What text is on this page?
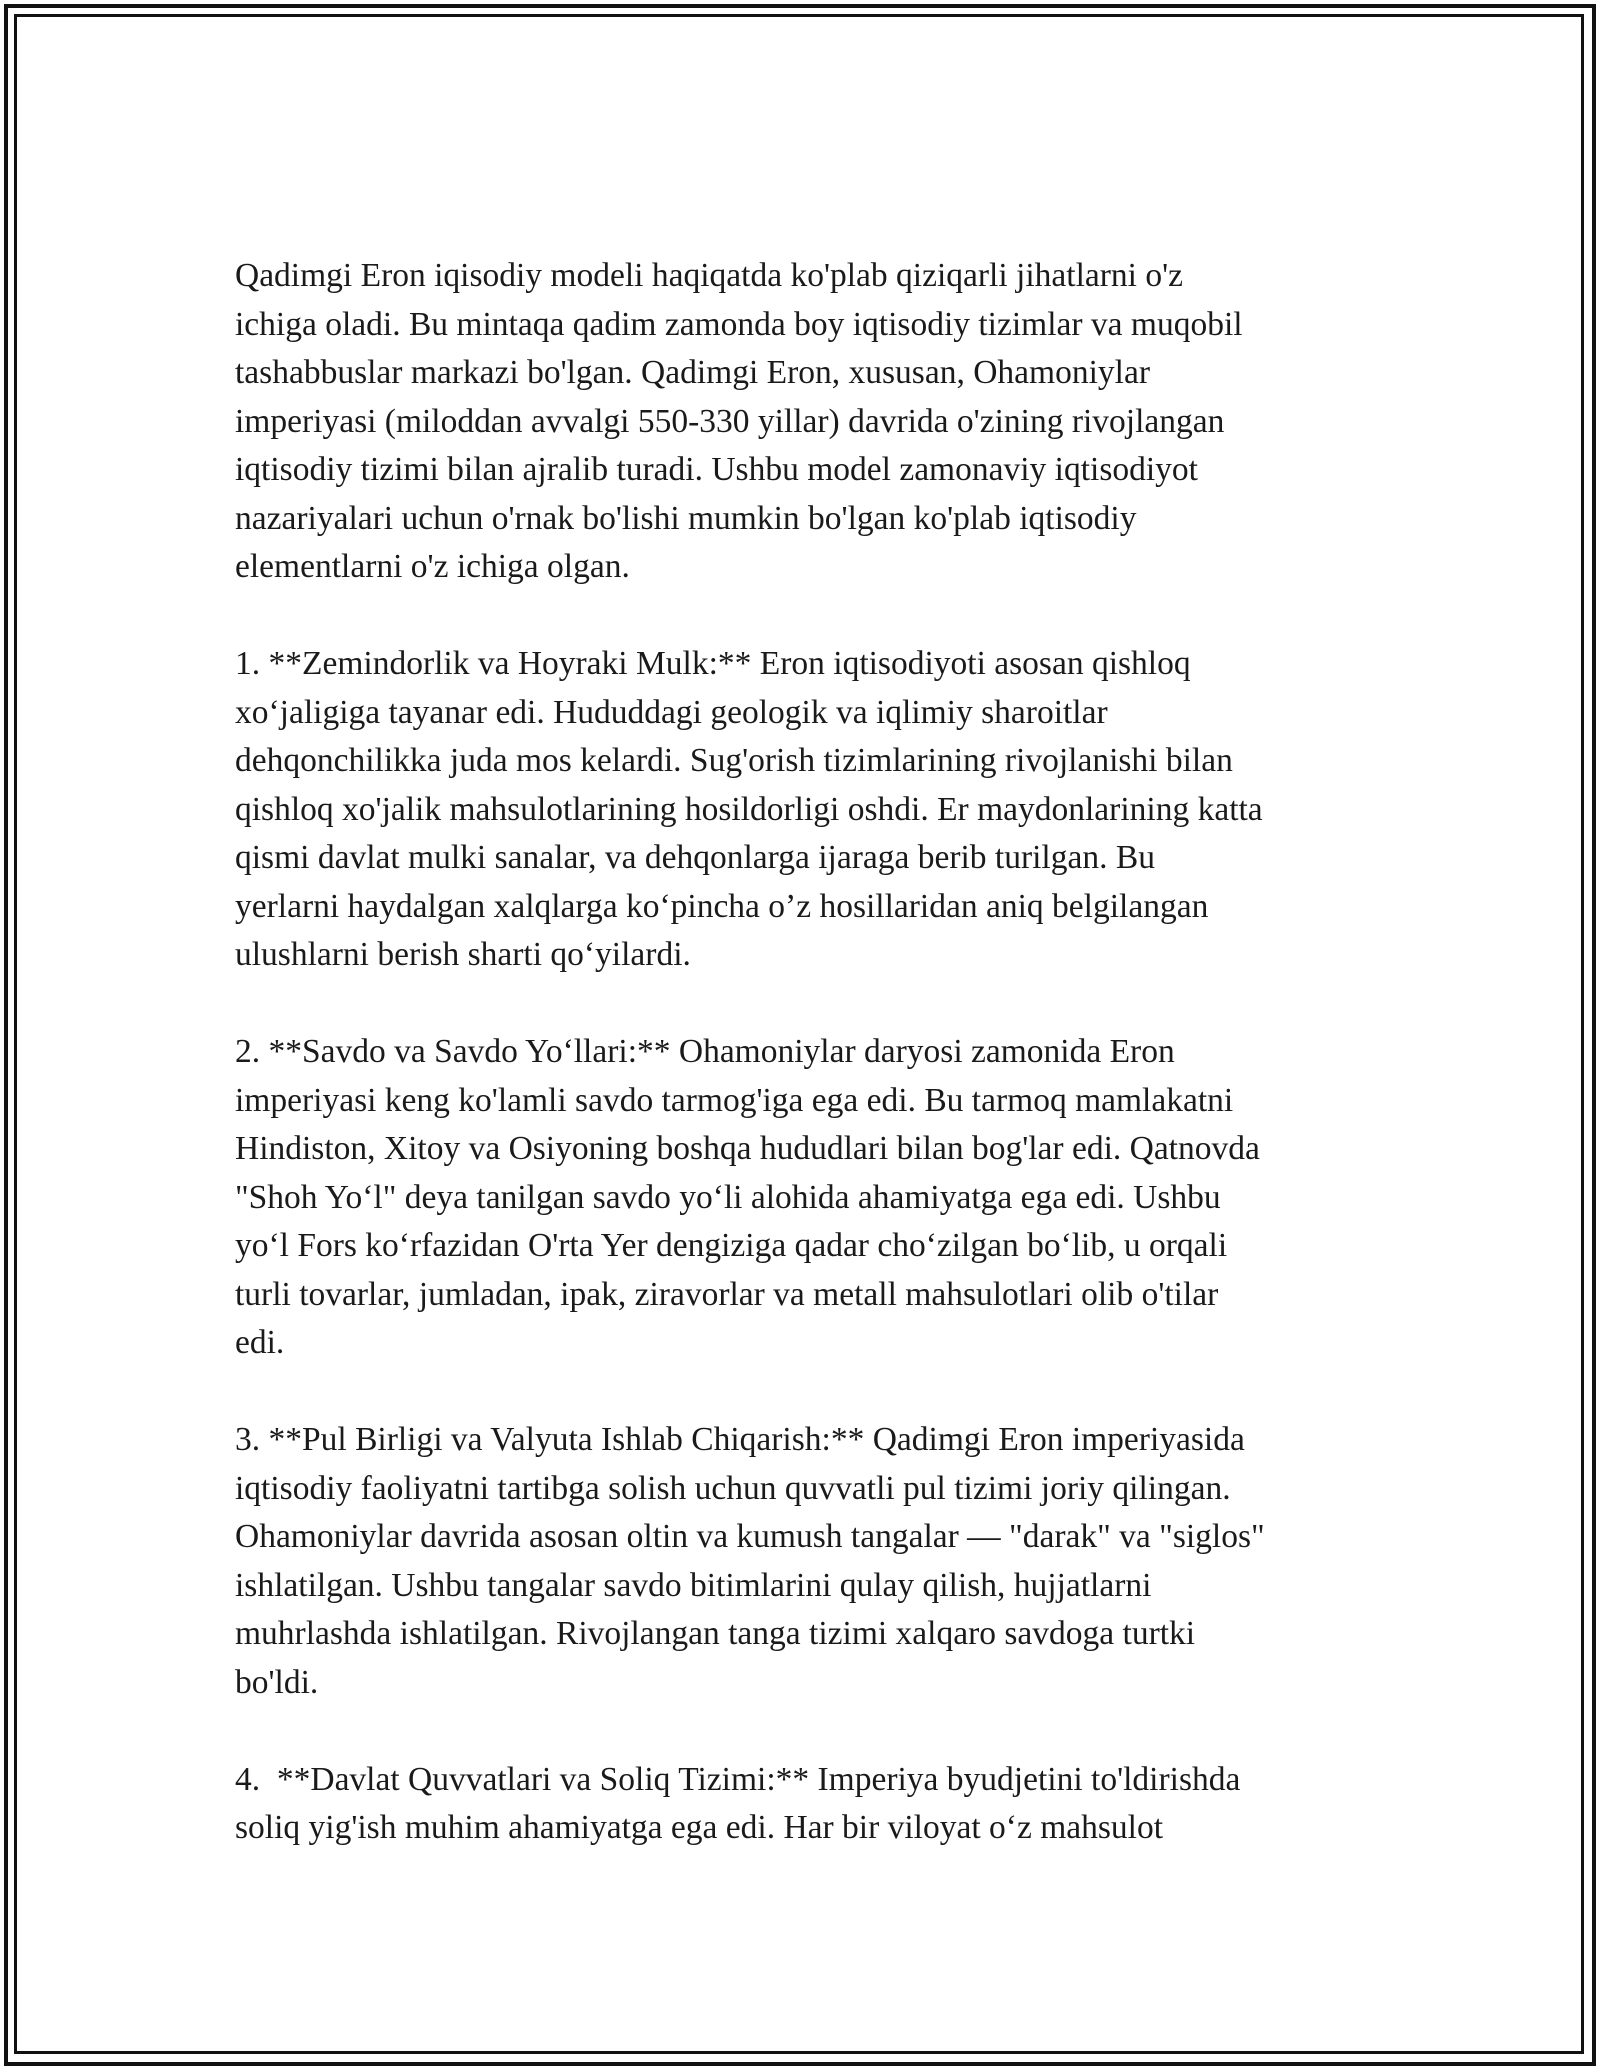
Qadimgi Eron iqisodiy modeli haqiqatda ko'plab qiziqarli jihatlarni o'z
ichiga oladi. Bu mintaqa qadim zamonda boy iqtisodiy tizimlar va muqobil
tashabbuslar markazi bo'lgan. Qadimgi Eron, xususan, Ohamoniylar
imperiyasi (miloddan avvalgi 550-330 yillar) davrida o'zining rivojlangan
iqtisodiy tizimi bilan ajralib turadi. Ushbu model zamonaviy iqtisodiyot
nazariyalari uchun o'rnak bo'lishi mumkin bo'lgan ko'plab iqtisodiy
elementlarni o'z ichiga olgan.
1. **Zemindorlik va Hoyraki Mulk:** Eron iqtisodiyoti asosan qishloq
xo‘jaligiga tayanar edi. Hududdagi geologik va iqlimiy sharoitlar
dehqonchilikka juda mos kelardi. Sug'orish tizimlarining rivojlanishi bilan
qishloq xo'jalik mahsulotlarining hosildorligi oshdi. Er maydonlarining katta
qismi davlat mulki sanalar, va dehqonlarga ijaraga berib turilgan. Bu
yerlarni haydalgan xalqlarga ko‘pincha o’z hosillaridan aniq belgilangan
ulushlarni berish sharti qo‘yilardi.
2. **Savdo va Savdo Yo‘llari:** Ohamoniylar daryosi zamonida Eron
imperiyasi keng ko'lamli savdo tarmog'iga ega edi. Bu tarmoq mamlakatni
Hindiston, Xitoy va Osiyoning boshqa hududlari bilan bog'lar edi. Qatnovda
"Shoh Yo‘l" deya tanilgan savdo yo‘li alohida ahamiyatga ega edi. Ushbu
yo‘l Fors ko‘rfazidan O'rta Yer dengiziga qadar cho‘zilgan bo‘lib, u orqali
turli tovarlar, jumladan, ipak, ziravorlar va metall mahsulotlari olib o'tilar
edi.
3. **Pul Birligi va Valyuta Ishlab Chiqarish:** Qadimgi Eron imperiyasida
iqtisodiy faoliyatni tartibga solish uchun quvvatli pul tizimi joriy qilingan.
Ohamoniylar davrida asosan oltin va kumush tangalar — "darak" va "siglos"
ishlatilgan. Ushbu tangalar savdo bitimlarini qulay qilish, hujjatlarni
muhrlashda ishlatilgan. Rivojlangan tanga tizimi xalqaro savdoga turtki
bo'ldi.
4.  **Davlat Quvvatlari va Soliq Tizimi:** Imperiya byudjetini to'ldirishda
soliq yig'ish muhim ahamiyatga ega edi. Har bir viloyat o‘z mahsulot
